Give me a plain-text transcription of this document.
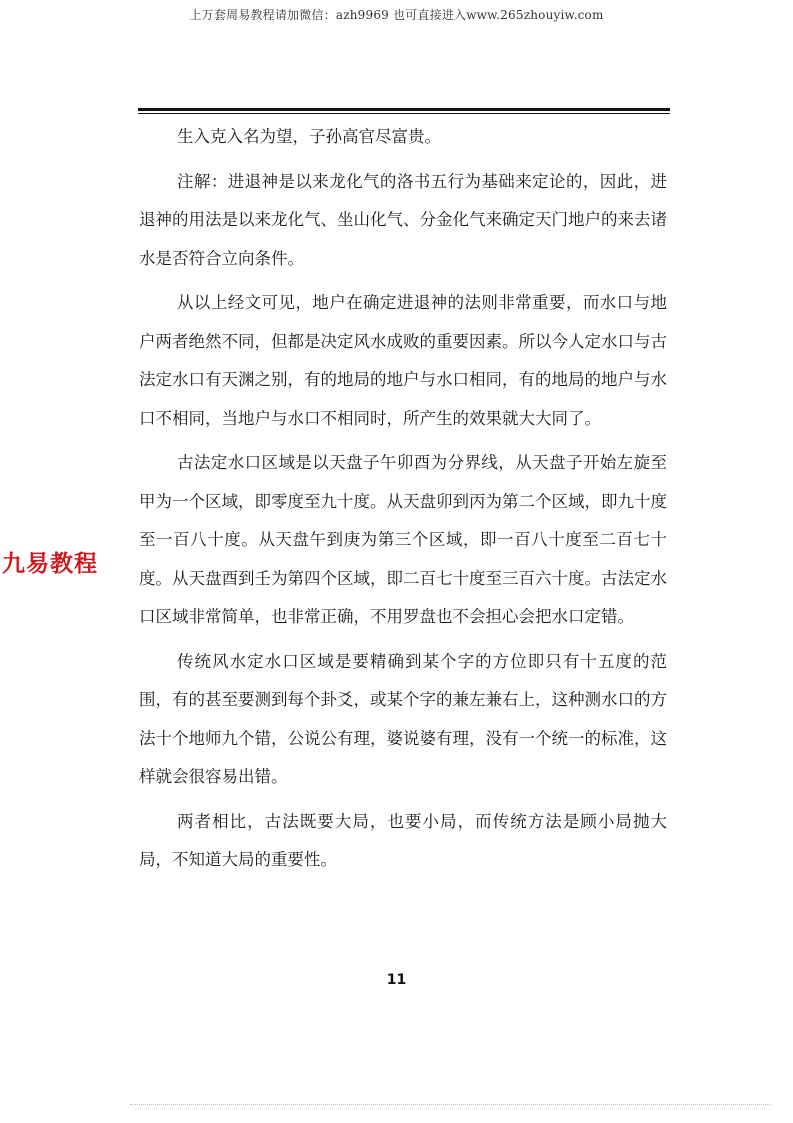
上万套周易教程请加微信：azh9969 也可直接进入www.265zhouyiw.com

生入克入名为望，子孙高官尽富贵。

注解：进退神是以来龙化气的洛书五行为基础来定论的，因此，进退神的用法是以来龙化气、坐山化气、分金化气来确定天门地户的来去诸水是否符合立向条件。

从以上经文可见，地户在确定进退神的法则非常重要，而水口与地户两者绝然不同，但都是决定风水成败的重要因素。所以今人定水口与古法定水口有天渊之别，有的地局的地户与水口相同，有的地局的地户与水口不相同，当地户与水口不相同时，所产生的效果就大大同了。

古法定水口区域是以天盘子午卯酉为分界线，从天盘子开始左旋至甲为一个区域，即零度至九十度。从天盘卯到丙为第二个区域，即九十度至一百八十度。从天盘午到庚为第三个区域，即一百八十度至二百七十度。从天盘酉到壬为第四个区域，即二百七十度至三百六十度。古法定水口区域非常简单，也非常正确，不用罗盘也不会担心会把水口定错。

传统风水定水口区域是要精确到某个字的方位即只有十五度的范围，有的甚至要测到每个卦爻，或某个字的兼左兼右上，这种测水口的方法十个地师九个错，公说公有理，婆说婆有理，没有一个统一的标准，这样就会很容易出错。

两者相比，古法既要大局，也要小局，而传统方法是顾小局抛大局，不知道大局的重要性。

九易教程
11
